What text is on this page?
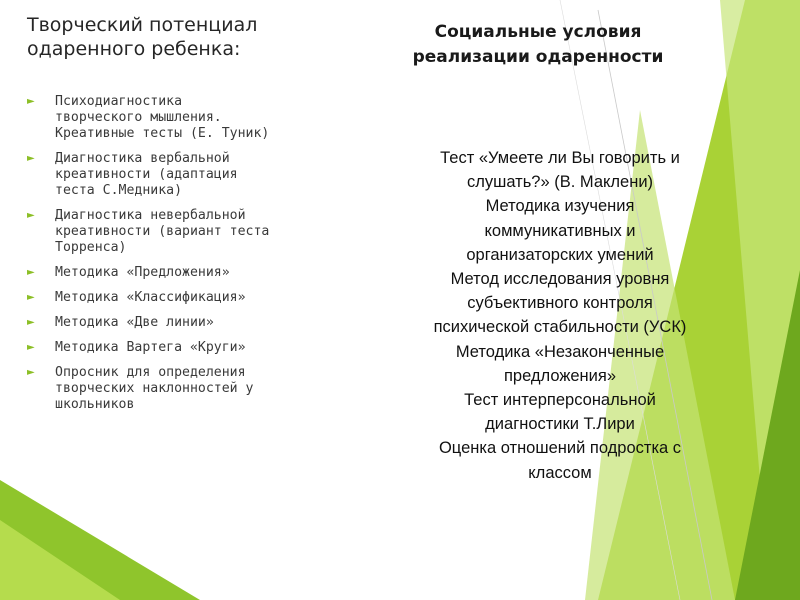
Творческий потенциал
одаренного ребенка:
Социальные условия
реализации одаренности
►	Психодиагностика
творческого мышления.
Креативные тесты (Е. Туник)
►	Диагностика вербальной
креативности (адаптация
теста С.Медника)
►	Диагностика невербальной
креативности (вариант теста
Торренса)
►	Методика «Предложения»
►	Методика «Классификация»
►	Методика «Две линии»
►	Методика Вартега «Круги»
►	Опросник для определения
творческих наклонностей у
школьников
Тест «Умеете ли Вы говорить и
слушать?» (В. Маклени)
Методика изучения
коммуникативных и
организаторских умений
Метод исследования уровня
субъективного контроля
психической стабильности (УСК)
Методика «Незаконченные
предложения»
Тест интерперсональной
диагностики Т.Лири
Оценка отношений подростка с
классом
